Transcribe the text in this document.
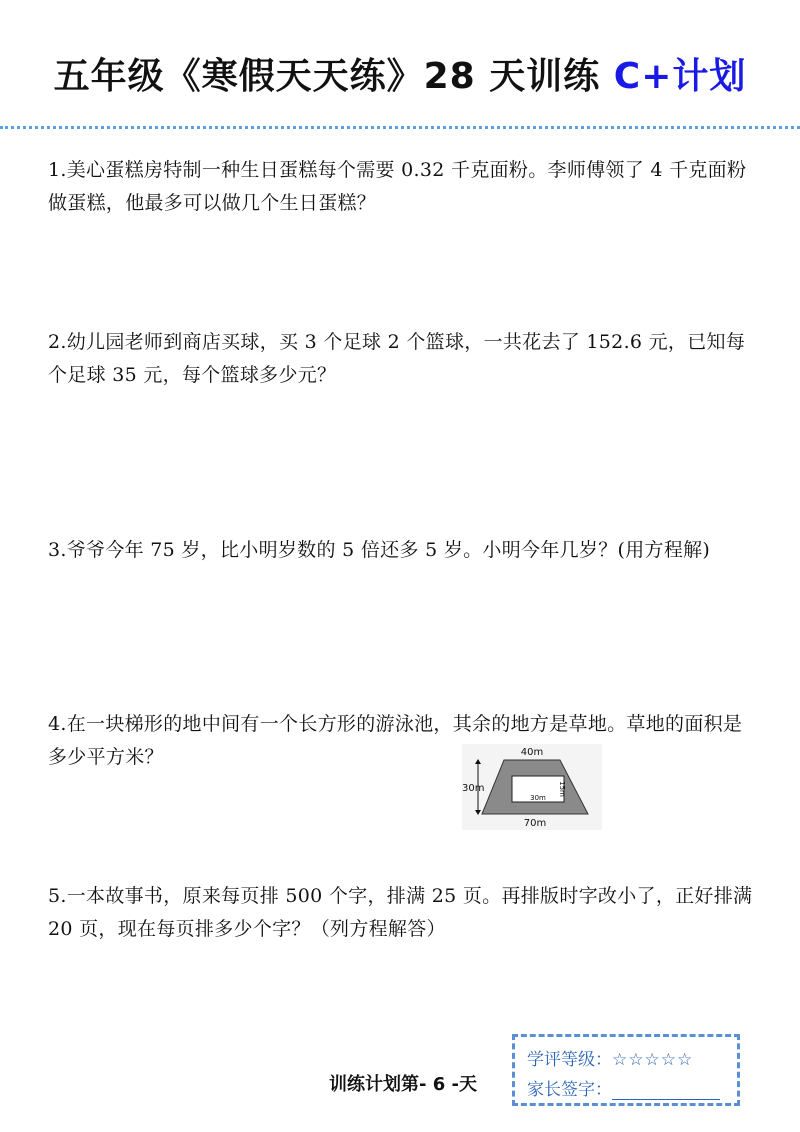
五年级《寒假天天练》28 天训练 C+计划
1.美心蛋糕房特制一种生日蛋糕每个需要 0.32 千克面粉。李师傅领了 4 千克面粉做蛋糕，他最多可以做几个生日蛋糕？
2.幼儿园老师到商店买球，买 3 个足球 2 个篮球，一共花去了 152.6 元，已知每个足球 35 元，每个篮球多少元？
3.爷爷今年 75 岁，比小明岁数的 5 倍还多 5 岁。小明今年几岁？(用方程解)
4.在一块梯形的地中间有一个长方形的游泳池，其余的地方是草地。草地的面积是多少平方米？	40m
30m
30m
15m
70m
5.一本故事书，原来每页排 500 个字，排满 25 页。再排版时字改小了，正好排满 20 页，现在每页排多少个字？（列方程解答）
训练计划第- 6 -天
学评等级：☆☆☆☆☆
家长签字：
